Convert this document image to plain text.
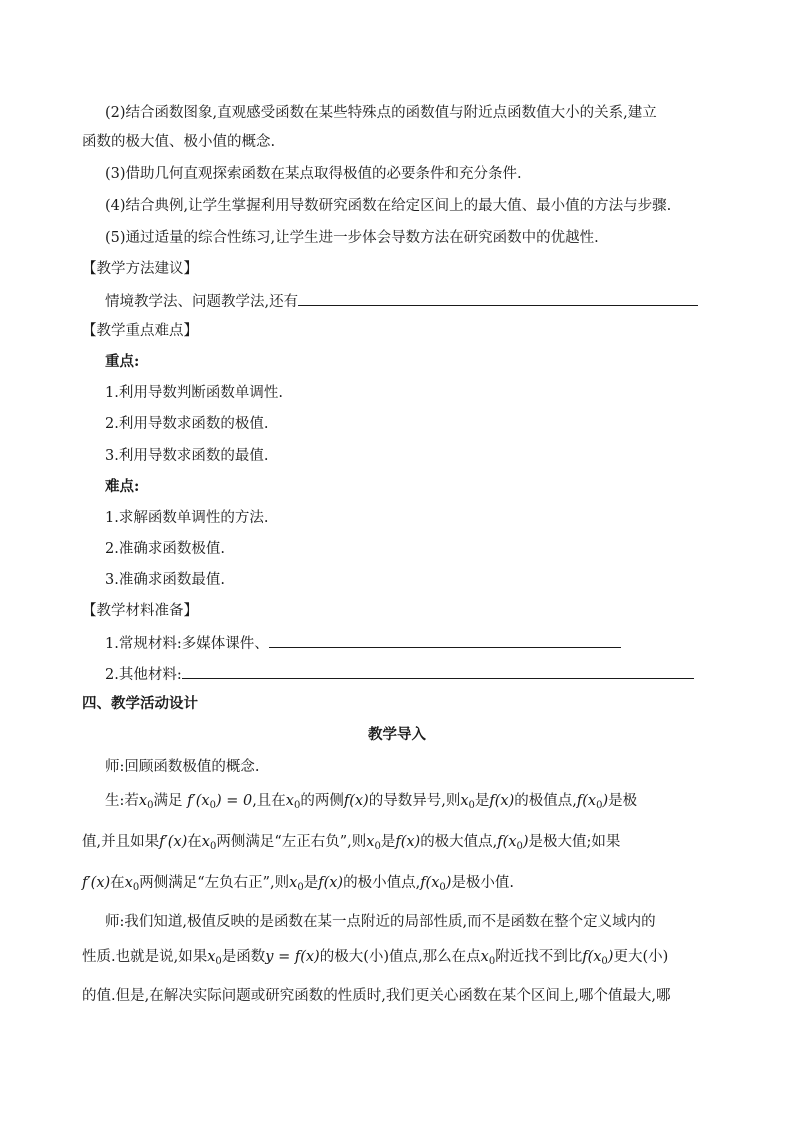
(2)结合函数图象,直观感受函数在某些特殊点的函数值与附近点函数值大小的关系,建立
函数的极大值、极小值的概念.
(3)借助几何直观探索函数在某点取得极值的必要条件和充分条件.
(4)结合典例,让学生掌握利用导数研究函数在给定区间上的最大值、最小值的方法与步骤.
(5)通过适量的综合性练习,让学生进一步体会导数方法在研究函数中的优越性.
【教学方法建议】
情境教学法、问题教学法,还有
【教学重点难点】
重点:
1.利用导数判断函数单调性.
2.利用导数求函数的极值.
3.利用导数求函数的最值.
难点:
1.求解函数单调性的方法.
2.准确求函数极值.
3.准确求函数最值.
【教学材料准备】
1.常规材料:多媒体课件、
2.其他材料:
四、教学活动设计
教学导入
师:回顾函数极值的概念.
生:若$x_0$满足 $f'(x_0) = 0$,且在$x_0$的两侧f(x)的导数异号,则$x_0$是f(x)的极值点$,f(x_0)$是极
值,并且如果f′(x)在$x_0$两侧满足“左正右负”,则$x_0$是f(x)的极大值点$,f(x_0)$是极大值;如果
f′(x)在$x_0$两侧满足“左负右正”,则$x_0$是f(x)的极小值点$,f(x_0)$是极小值.
师:我们知道,极值反映的是函数在某一点附近的局部性质,而不是函数在整个定义域内的
性质.也就是说,如果$x_0$是函数y = f(x)的极大(小)值点,那么在点$x_0$附近找不到比$f(x_0)$更大(小)
的值.但是,在解决实际问题或研究函数的性质时,我们更关心函数在某个区间上,哪个值最大,哪
